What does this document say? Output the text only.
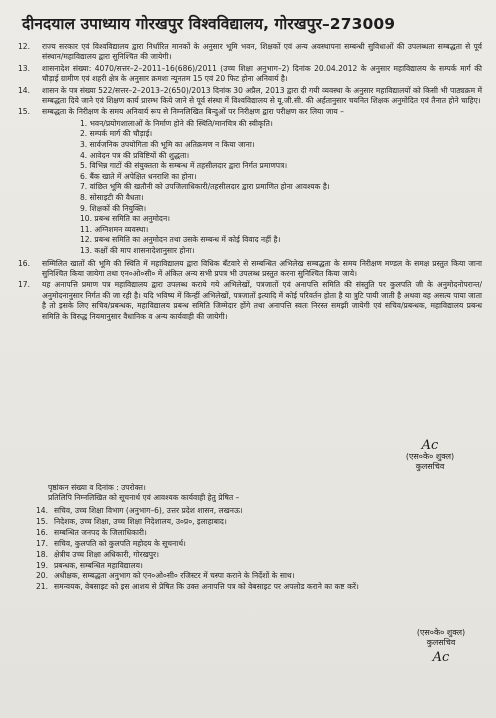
दीनदयाल उपाध्याय गोरखपुर विश्वविद्यालय, गोरखपुर–273009
12.	राज्य सरकार एवं विश्वविद्यालय द्वारा निर्धारित मानकों के अनुसार भूमि भवन, शिक्षकों एवं अन्य अवस्थापना सम्बन्धी सुविधाओं की उपलब्धता सम्बद्धता से पूर्व संस्थान/महाविद्यालय द्वारा सुनिश्चित की जायेगी।
13.	शासनादेश संख्या: 4070/सत्तर–2–2011–16(686)/2011 (उच्च शिक्षा अनुभाग–2) दिनांक 20.04.2012 के अनुसार महाविद्यालय के सम्पर्क मार्ग की चौड़ाई ग्रामीण एवं शहरी क्षेत्र के अनुसार क्रमशः न्यूनतम 15 एवं 20 फिट होना अनिवार्य है।
14.	शासन के पत्र संख्या 522/सत्तर–2–2013–2(650)/2013 दिनांक 30 अप्रैल, 2013 द्वारा दी गयी व्यवस्था के अनुसार महाविद्यालयों को किसी भी पाठ्यक्रम में सम्बद्धता दिये जाने एवं शिक्षण कार्य प्रारम्भ किये जाने से पूर्व संस्था में विश्वविद्यालय से यू.जी.सी. की अर्हतानुसार चयनित शिक्षक अनुमोदित एवं तैनात होने चाहिए।
15.	सम्बद्धता के निरीक्षण के समय अनिवार्य रूप से निम्नलिखित बिन्दुओं पर निरीक्षण द्वारा परीक्षण कर लिया जाय –
1. भवन/प्रयोगशालाओं के निर्माण होने की स्थिति/मानचित्र की स्वीकृति।
2. सम्पर्क मार्ग की चौड़ाई।
3. सार्वजनिक उपयोगिता की भूमि का अतिक्रमण न किया जाना।
4. आवेदन पत्र की प्रविष्टियों की शुद्धता।
5. विभिन्न गाटों की संयुक्तता के सम्बन्ध में तहसीलदार द्वारा निर्गत प्रमाणपत्र।
6. बैंक खाते में अपेक्षित धनराशि का होना।
7. वांछित भूमि की खतौनी को उपजिलाधिकारी/तहसीलदार द्वारा प्रमाणित होना आवश्यक है।
8. सोसाइटी की वैधता।
9. शिक्षकों की नियुक्ति।
10. प्रबन्ध समिति का अनुमोदन।
11. अग्निशमन व्यवस्था।
12. प्रबन्ध समिति का अनुमोदन तथा उसके सम्बन्ध में कोई विवाद नहीं है।
13. कक्षों की माप शासनादेशानुसार होना।
16.	सम्मिलित खातों की भूमि की स्थिति में महाविद्यालय द्वारा विधिक बँटवारे से सम्बन्धित अभिलेख सम्बद्धता के समय निरीक्षण मण्डल के समक्ष प्रस्तुत किया जाना सुनिश्चित किया जायेगा तथा एन०ओ०सी० में अंकित अन्य सभी प्रपत्र भी उपलब्ध प्रस्तुत करना सुनिश्चित किया जाये।
17.	यह अनापत्ति प्रमाण पत्र महाविद्यालय द्वारा उपलब्ध कराये गये अभिलेखों, पत्रजातों एवं अनापत्ति समिति की संस्तुति पर कुलपति जी के अनुमोदनोपरान्त/अनुमोदनानुसार निर्गत की जा रही है। यदि भविष्य में किन्हीं अभिलेखों, पत्रजातों इत्यादि में कोई परिवर्तन होता है या त्रुटि पायी जाती है अथवा वह असत्य पाया जाता है तो इसके लिए सचिव/प्रबन्धक, महाविद्यालय प्रबन्ध समिति जिम्मेदार होंगे तथा अनापत्ति स्वतः निरस्त समझी जायेगी एवं सचिव/प्रबन्धक, महाविद्यालय प्रबन्ध समिति के विरुद्ध नियमानुसार वैधानिक व अन्य कार्यवाही की जायेगी।
Ac
(एस०के० शुक्ल)
कुलसचिव
पृष्ठांकन संख्या व दिनांक : उपरोक्त।
प्रतिलिपि निम्नलिखित को सूचनार्थ एवं आवश्यक कार्यवाही हेतु प्रेषित –
14. सचिव, उच्च शिक्षा विभाग (अनुभाग–6), उत्तर प्रदेश शासन, लखनऊ।
15. निदेशक, उच्च शिक्षा, उच्च शिक्षा निदेशालय, उ०प्र०, इलाहाबाद।
16. सम्बन्धित जनपद के जिलाधिकारी।
17. सचिव, कुलपति को कुलपति महोदय के सूचनार्थ।
18. क्षेत्रीय उच्च शिक्षा अधिकारी, गोरखपुर।
19. प्रबन्धक, सम्बन्धित महाविद्यालय।
20. अधीक्षक, सम्बद्धता अनुभाग को एन०ओ०सी० रजिस्टर में चस्पा कराने के निर्देशों के साथ।
21. समन्वयक, वेबसाइट को इस आशय से प्रेषित कि उक्त अनापत्ति पत्र को वेबसाइट पर अपलोड कराने का कष्ट करें।
(एस०के० शुक्ल)
कुलसचिव
Ac
